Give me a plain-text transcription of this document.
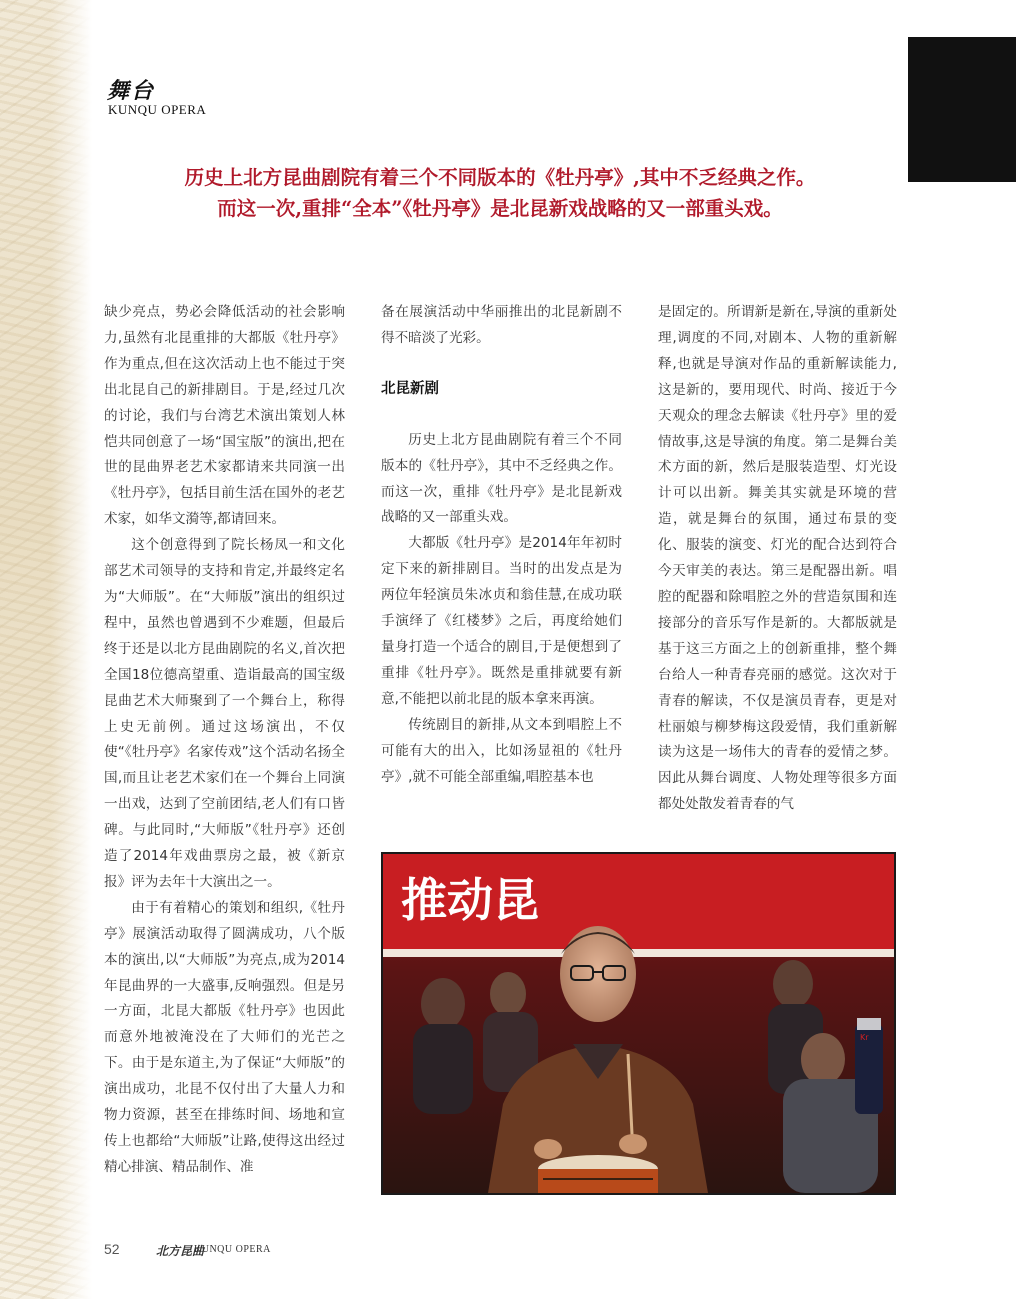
舞台
KUNQU OPERA
历史上北方昆曲剧院有着三个不同版本的《牡丹亭》,其中不乏经典之作。
而这一次,重排“全本”《牡丹亭》是北昆新戏战略的又一部重头戏。

缺少亮点，势必会降低活动的社会影响力,虽然有北昆重排的大都版《牡丹亭》作为重点,但在这次活动上也不能过于突出北昆自己的新排剧目。于是,经过几次的讨论，我们与台湾艺术演出策划人林恺共同创意了一场“国宝版”的演出,把在世的昆曲界老艺术家都请来共同演一出《牡丹亭》，包括目前生活在国外的老艺术家，如华文漪等,都请回来。

这个创意得到了院长杨凤一和文化部艺术司领导的支持和肯定,并最终定名为“大师版”。在“大师版”演出的组织过程中，虽然也曾遇到不少难题，但最后终于还是以北方昆曲剧院的名义,首次把全国18位德高望重、造诣最高的国宝级昆曲艺术大师聚到了一个舞台上，称得上史无前例。通过这场演出，不仅使“《牡丹亭》名家传戏”这个活动名扬全国,而且让老艺术家们在一个舞台上同演一出戏，达到了空前团结,老人们有口皆碑。与此同时,“大师版”《牡丹亭》还创造了2014年戏曲票房之最，被《新京报》评为去年十大演出之一。

由于有着精心的策划和组织,《牡丹亭》展演活动取得了圆满成功，八个版本的演出,以“大师版”为亮点,成为2014年昆曲界的一大盛事,反响强烈。但是另一方面，北昆大都版《牡丹亭》也因此而意外地被淹没在了大师们的光芒之下。由于是东道主,为了保证“大师版”的演出成功，北昆不仅付出了大量人力和物力资源，甚至在排练时间、场地和宣传上也都给“大师版”让路,使得这出经过精心排演、精品制作、准

备在展演活动中华丽推出的北昆新剧不得不暗淡了光彩。

北昆新剧

历史上北方昆曲剧院有着三个不同版本的《牡丹亭》，其中不乏经典之作。而这一次，重排《牡丹亭》是北昆新戏战略的又一部重头戏。

大都版《牡丹亭》是2014年年初时定下来的新排剧目。当时的出发点是为两位年轻演员朱冰贞和翁佳慧,在成功联手演绎了《红楼梦》之后，再度给她们量身打造一个适合的剧目,于是便想到了重排《牡丹亭》。既然是重排就要有新意,不能把以前北昆的版本拿来再演。

传统剧目的新排,从文本到唱腔上不可能有大的出入，比如汤显祖的《牡丹亭》,就不可能全部重编,唱腔基本也

是固定的。所谓新是新在,导演的重新处理,调度的不同,对剧本、人物的重新解释,也就是导演对作品的重新解读能力,这是新的，要用现代、时尚、接近于今天观众的理念去解读《牡丹亭》里的爱情故事,这是导演的角度。第二是舞台美术方面的新，然后是服装造型、灯光设计可以出新。舞美其实就是环境的营造，就是舞台的氛围，通过布景的变化、服装的演变、灯光的配合达到符合今天审美的表达。第三是配器出新。唱腔的配器和除唱腔之外的营造氛围和连接部分的音乐写作是新的。大都版就是基于这三方面之上的创新重排，整个舞台给人一种青春亮丽的感觉。这次对于青春的解读，不仅是演员青春，更是对杜丽娘与柳梦梅这段爱情，我们重新解读为这是一场伟大的青春的爱情之梦。因此从舞台调度、人物处理等很多方面都处处散发着青春的气

推动昆
Kr
52	北方昆曲
KUNQU OPERA
